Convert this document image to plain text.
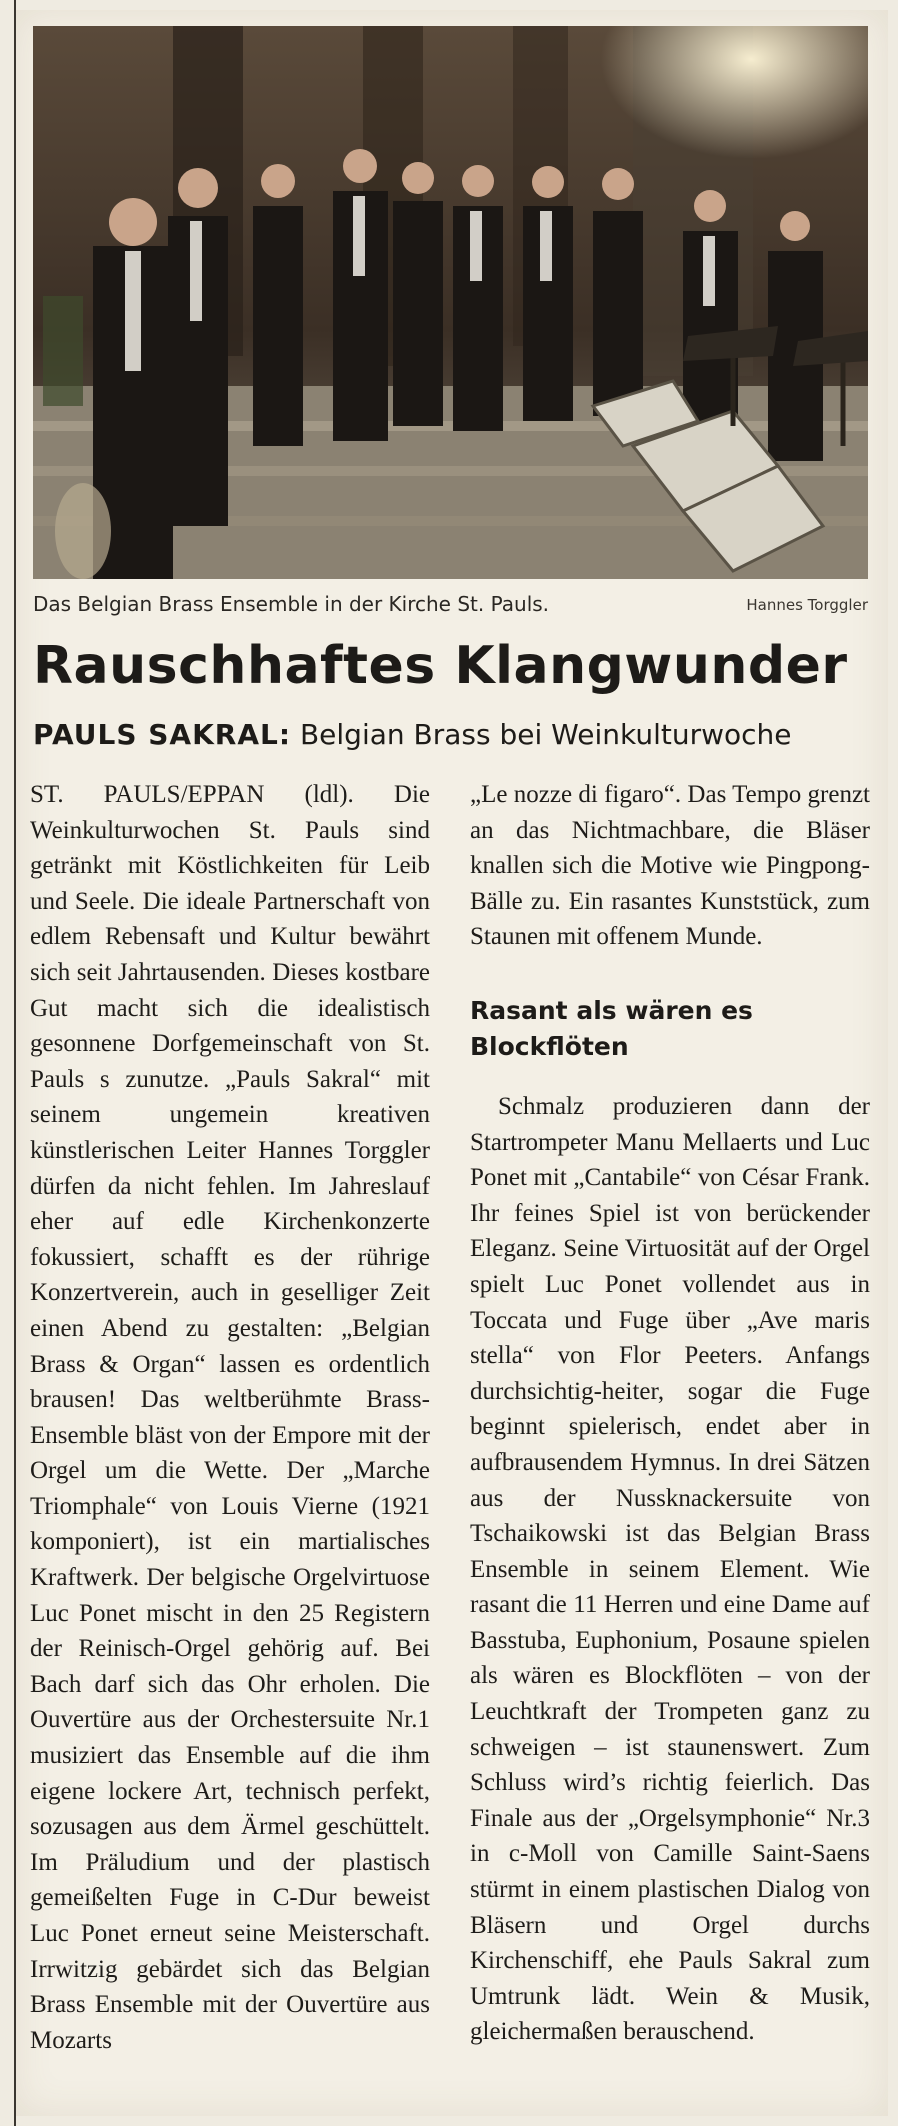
Das Belgian Brass Ensemble in der Kirche St. Pauls.	Hannes Torggler
Rauschhaftes Klangwunder
PAULS SAKRAL: Belgian Brass bei Weinkulturwoche

ST. PAULS/EPPAN (ldl). Die Weinkulturwochen St. Pauls sind getränkt mit Köstlichkeiten für Leib und Seele. Die ideale Partnerschaft von edlem Rebensaft und Kultur bewährt sich seit Jahrtausenden. Dieses kostbare Gut macht sich die idealistisch gesonnene Dorfgemeinschaft von St. Pauls s zunutze. „Pauls Sakral“ mit seinem ungemein kreativen künstlerischen Leiter Hannes Torggler dürfen da nicht fehlen. Im Jahreslauf eher auf edle Kirchenkonzerte fokussiert, schafft es der rührige Konzertverein, auch in geselliger Zeit einen Abend zu gestalten: „Belgian Brass & Organ“ lassen es ordentlich brausen! Das weltberühmte Brass-Ensemble bläst von der Empore mit der Orgel um die Wette. Der „Marche Triomphale“ von Louis Vierne (1921 komponiert), ist ein martialisches Kraftwerk. Der belgische Orgelvirtuose Luc Ponet mischt in den 25 Registern der Reinisch-Orgel gehörig auf. Bei Bach darf sich das Ohr erholen. Die Ouvertüre aus der Orchestersuite Nr.1 musiziert das Ensemble auf die ihm eigene lockere Art, technisch perfekt, sozusagen aus dem Ärmel geschüttelt. Im Präludium und der plastisch gemeißelten Fuge in C-Dur beweist Luc Ponet erneut seine Meisterschaft. Irrwitzig gebärdet sich das Belgian Brass Ensemble mit der Ouvertüre aus Mozarts

„Le nozze di figaro“. Das Tempo grenzt an das Nichtmachbare, die Bläser knallen sich die Motive wie Pingpong-Bälle zu. Ein rasantes Kunststück, zum Staunen mit offenem Munde.

Rasant als wären es Blockflöten

Schmalz produzieren dann der Startrompeter Manu Mellaerts und Luc Ponet mit „Cantabile“ von César Frank. Ihr feines Spiel ist von berückender Eleganz. Seine Virtuosität auf der Orgel spielt Luc Ponet vollendet aus in Toccata und Fuge über „Ave maris stella“ von Flor Peeters. Anfangs durchsichtig-heiter, sogar die Fuge beginnt spielerisch, endet aber in aufbrausendem Hymnus. In drei Sätzen aus der Nussknackersuite von Tschaikowski ist das Belgian Brass Ensemble in seinem Element. Wie rasant die 11 Herren und eine Dame auf Basstuba, Euphonium, Posaune spielen als wären es Blockflöten – von der Leuchtkraft der Trompeten ganz zu schweigen – ist staunenswert. Zum Schluss wird’s richtig feierlich. Das Finale aus der „Orgelsymphonie“ Nr.3 in c-Moll von Camille Saint-Saens stürmt in einem plastischen Dialog von Bläsern und Orgel durchs Kirchenschiff, ehe Pauls Sakral zum Umtrunk lädt. Wein & Musik, gleichermaßen berauschend.
